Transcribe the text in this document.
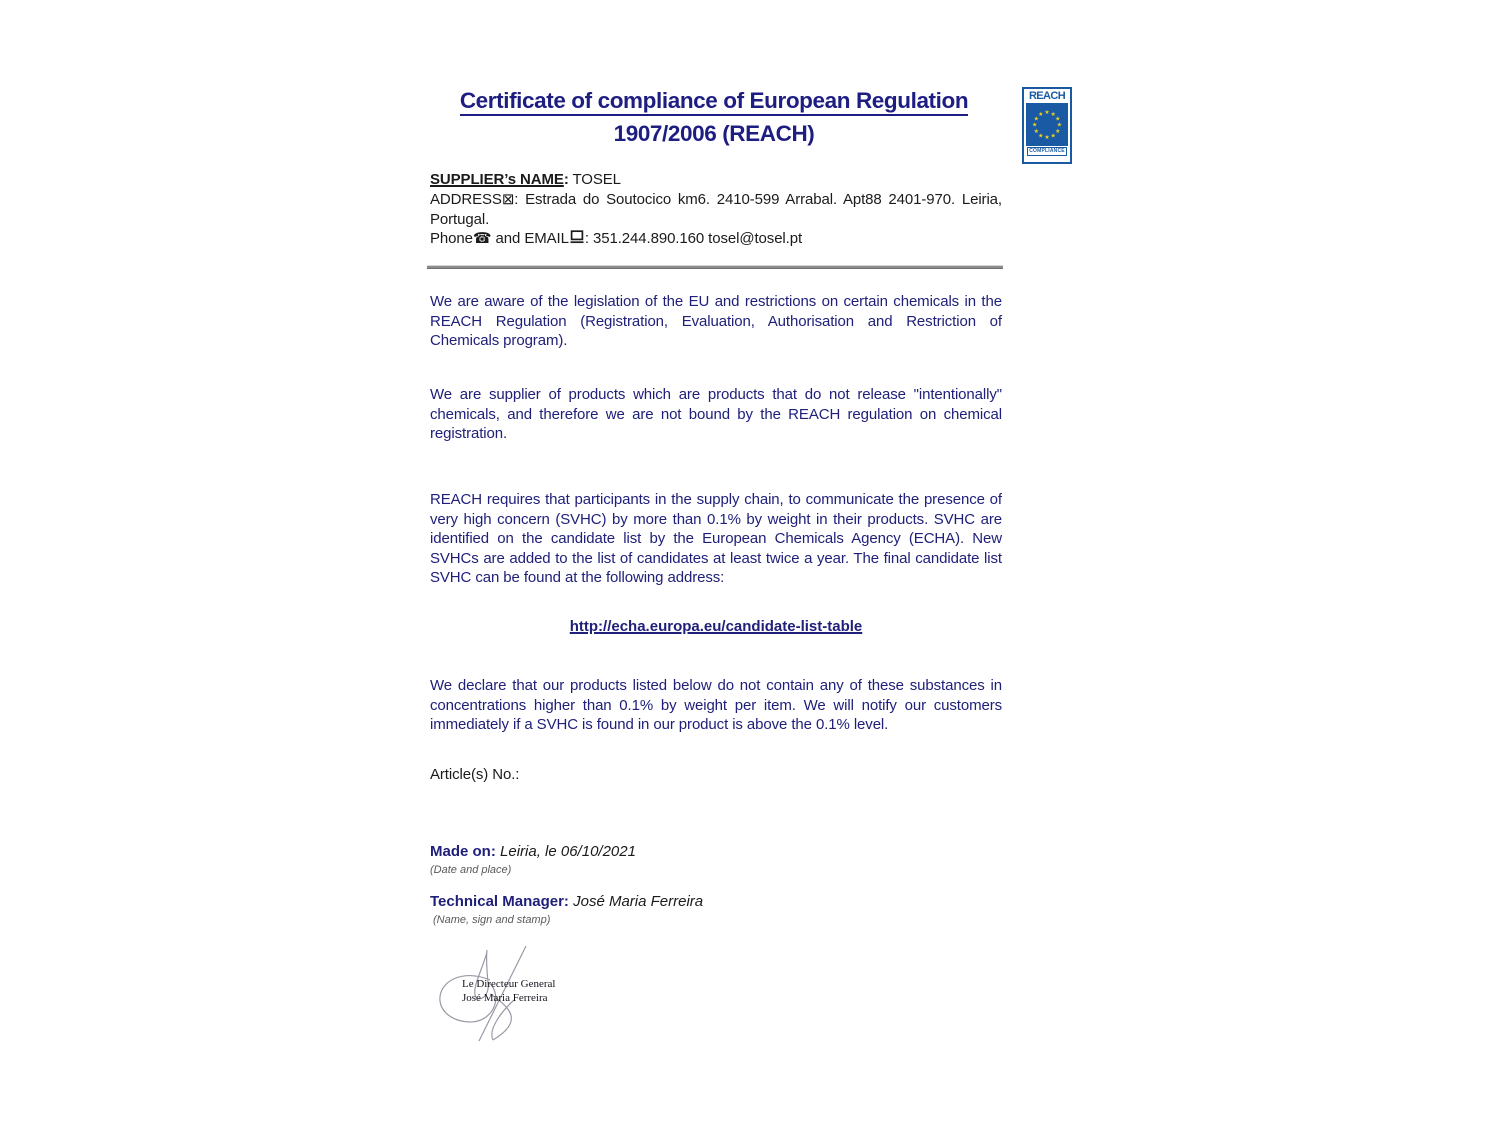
Certificate of compliance of European Regulation
1907/2006 (REACH)
REACH
★ ★
★
★
★
★
★
★
★
★
★
★
COMPLIANCE

SUPPLIER’s NAME: TOSEL

ADDRESS⊠: Estrada do Soutocico km6. 2410-599 Arrabal. Apt88 2401-970. Leiria, Portugal.

Phone☎ and EMAIL : 351.244.890.160 tosel@tosel.pt

We are aware of the legislation of the EU and restrictions on certain chemicals in the REACH Regulation (Registration, Evaluation, Authorisation and Restriction of Chemicals program).

We are supplier of products which are products that do not release "intentionally" chemicals, and therefore we are not bound by the REACH regulation on chemical registration.

REACH requires that participants in the supply chain, to communicate the presence of very high concern (SVHC) by more than 0.1% by weight in their products. SVHC are identified on the candidate list by the European Chemicals Agency (ECHA). New SVHCs are added to the list of candidates at least twice a year. The final candidate list SVHC can be found at the following address:

http://echa.europa.eu/candidate-list-table

We declare that our products listed below do not contain any of these substances in concentrations higher than 0.1% by weight per item. We will notify our customers immediately if a SVHC is found in our product is above the 0.1% level.

Article(s) No.:

Made on: Leiria, le 06/10/2021
(Date and place)
Technical Manager: José Maria Ferreira
(Name, sign and stamp)
Le Directeur General
José Maria Ferreira
